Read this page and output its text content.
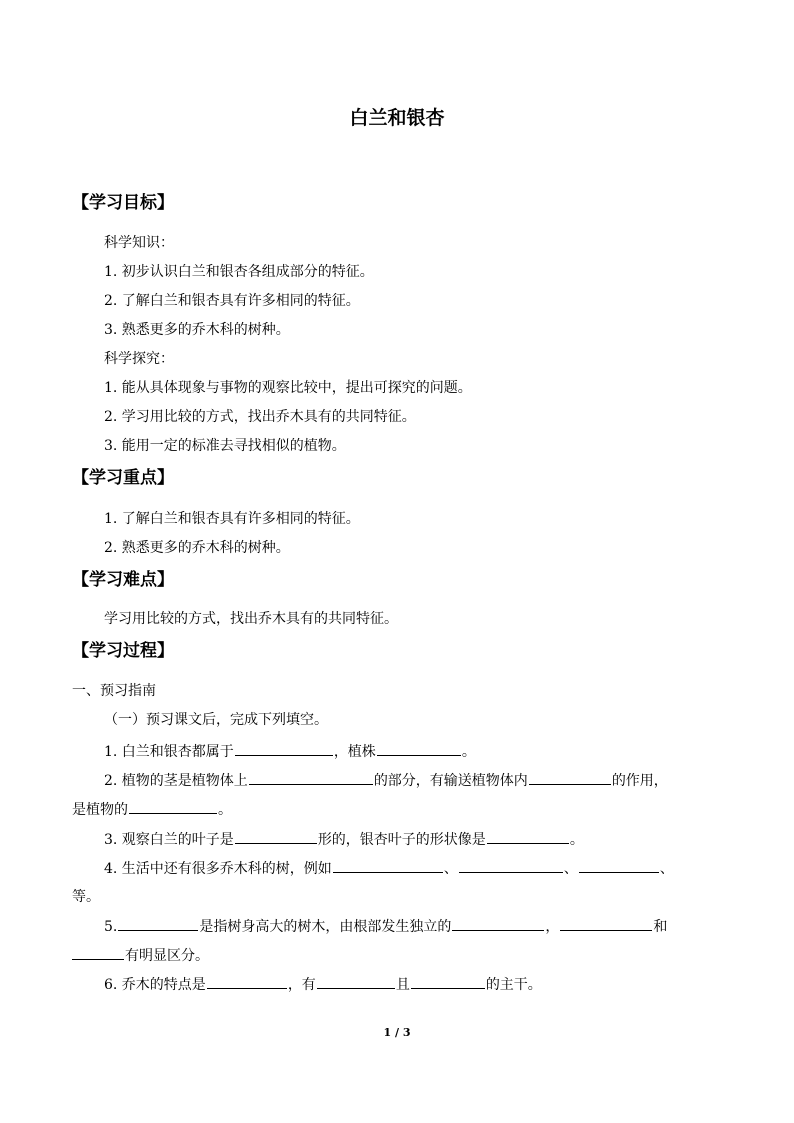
白兰和银杏
【学习目标】
科学知识：
1. 初步认识白兰和银杏各组成部分的特征。
2. 了解白兰和银杏具有许多相同的特征。
3. 熟悉更多的乔木科的树种。
科学探究：
1. 能从具体现象与事物的观察比较中，提出可探究的问题。
2. 学习用比较的方式，找出乔木具有的共同特征。
3. 能用一定的标准去寻找相似的植物。
【学习重点】
1. 了解白兰和银杏具有许多相同的特征。
2. 熟悉更多的乔木科的树种。
【学习难点】
学习用比较的方式，找出乔木具有的共同特征。
【学习过程】
一、预习指南
（一）预习课文后，完成下列填空。
1. 白兰和银杏都属于	，植株	。
2. 植物的茎是植物体上	的部分，有输送植物体内	的作用，
是植物的	。
3. 观察白兰的叶子是	形的，银杏叶子的形状像是	。
4. 生活中还有很多乔木科的树，例如	、	、	、
等。
5.	是指树身高大的树木，由根部发生独立的	，	和
有明显区分。
6. 乔木的特点是	，有	且	的主干。
1 / 3
